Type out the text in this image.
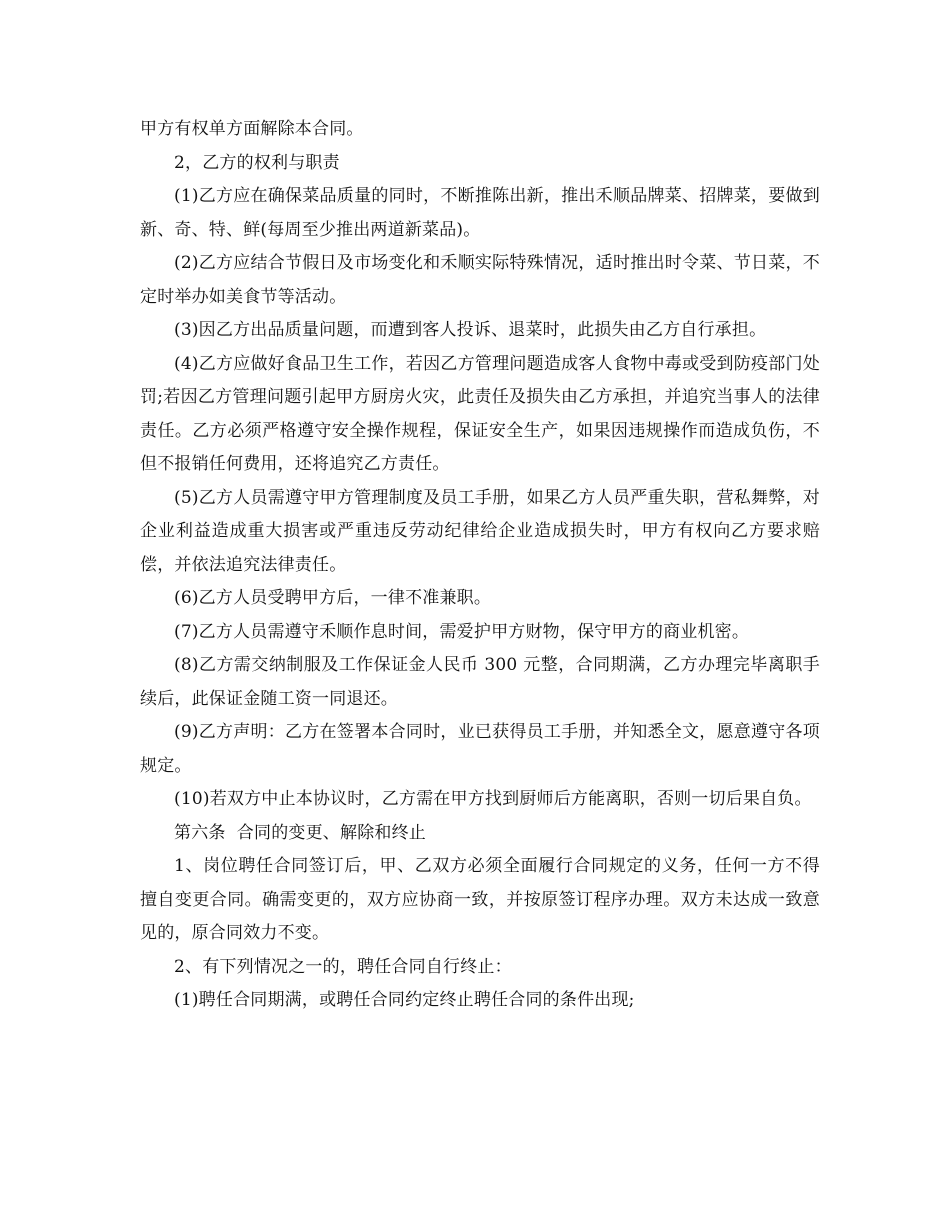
甲方有权单方面解除本合同。

2，乙方的权利与职责

(1)乙方应在确保菜品质量的同时，不断推陈出新，推出禾顺品牌菜、招牌菜，要做到新、奇、特、鲜(每周至少推出两道新菜品)。

(2)乙方应结合节假日及市场变化和禾顺实际特殊情况，适时推出时令菜、节日菜，不定时举办如美食节等活动。

(3)因乙方出品质量问题，而遭到客人投诉、退菜时，此损失由乙方自行承担。

(4)乙方应做好食品卫生工作，若因乙方管理问题造成客人食物中毒或受到防疫部门处罚;若因乙方管理问题引起甲方厨房火灾，此责任及损失由乙方承担，并追究当事人的法律责任。乙方必须严格遵守安全操作规程，保证安全生产，如果因违规操作而造成负伤，不但不报销任何费用，还将追究乙方责任。

(5)乙方人员需遵守甲方管理制度及员工手册，如果乙方人员严重失职，营私舞弊，对企业利益造成重大损害或严重违反劳动纪律给企业造成损失时，甲方有权向乙方要求赔偿，并依法追究法律责任。

(6)乙方人员受聘甲方后，一律不准兼职。

(7)乙方人员需遵守禾顺作息时间，需爱护甲方财物，保守甲方的商业机密。

(8)乙方需交纳制服及工作保证金人民币 300 元整，合同期满，乙方办理完毕离职手续后，此保证金随工资一同退还。

(9)乙方声明：乙方在签署本合同时，业已获得员工手册，并知悉全文，愿意遵守各项规定。

(10)若双方中止本协议时，乙方需在甲方找到厨师后方能离职，否则一切后果自负。

第六条  合同的变更、解除和终止

1、岗位聘任合同签订后，甲、乙双方必须全面履行合同规定的义务，任何一方不得擅自变更合同。确需变更的，双方应协商一致，并按原签订程序办理。双方未达成一致意见的，原合同效力不变。

2、有下列情况之一的，聘任合同自行终止：

(1)聘任合同期满，或聘任合同约定终止聘任合同的条件出现;
